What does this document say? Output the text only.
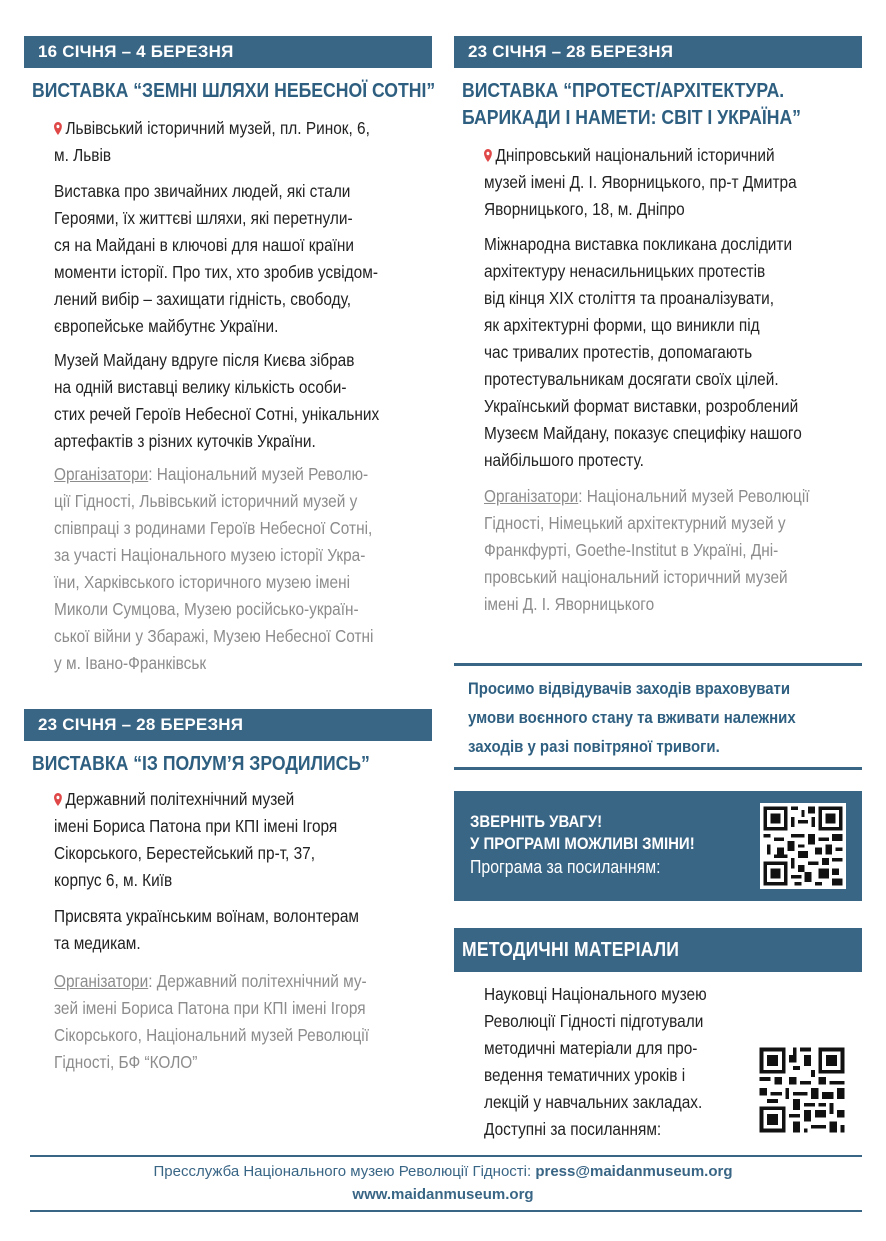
16 СІЧНЯ – 4 БЕРЕЗНЯ
ВИСТАВКА “ЗЕМНІ ШЛЯХИ НЕБЕСНОЇ СОТНІ”

Львівський історичний музей, пл. Ринок, 6,

м. Львів

Виставка про звичайних людей, які стали

Героями, їх життєві шляхи, які перетнули-

ся на Майдані в ключові для нашої країни

моменти історії. Про тих, хто зробив усвідом-

лений вибір – захищати гідність, свободу,

європейське майбутнє України.

Музей Майдану вдруге після Києва зібрав

на одній виставці велику кількість особи-

стих речей Героїв Небесної Сотні, унікальних

артефактів з різних куточків України.

Організатори: Національний музей Револю-

ції Гідності, Львівський історичний музей у

співпраці з родинами Героїв Небесної Сотні,

за участі Національного музею історії Укра-

їни, Харківського історичного музею імені

Миколи Сумцова, Музею російсько-україн-

ської війни у Збаражі, Музею Небесної Сотні

у м. Івано-Франківськ

23 СІЧНЯ – 28 БЕРЕЗНЯ
ВИСТАВКА “ІЗ ПОЛУМ’Я ЗРОДИЛИСЬ”

Державний політехнічний музей

імені Бориса Патона при КПІ імені Ігоря

Сікорського, Берестейський пр-т, 37,

корпус 6, м. Київ

Присвята українським воїнам, волонтерам

та медикам.

Організатори: Державний політехнічний му-

зей імені Бориса Патона при КПІ імені Ігоря

Сікорського, Національний музей Революції

Гідності, БФ “КОЛО”

23 СІЧНЯ – 28 БЕРЕЗНЯ
ВИСТАВКА “ПРОТЕСТ/АРХІТЕКТУРА.
БАРИКАДИ І НАМЕТИ: СВІТ І УКРАЇНА”

Дніпровський національний історичний

музей імені Д. І. Яворницького, пр-т Дмитра

Яворницького, 18, м. Дніпро

Міжнародна виставка покликана дослідити

архітектуру ненасильницьких протестів

від кінця ХІХ століття та проаналізувати,

як архітектурні форми, що виникли під

час тривалих протестів, допомагають

протестувальникам досягати своїх цілей.

Український формат виставки, розроблений

Музеєм Майдану, показує специфіку нашого

найбільшого протесту.

Організатори: Національний музей Революції

Гідності, Німецький архітектурний музей у

Франкфурті, Goethe-Institut в Україні, Дні-

провський національний історичний музей

імені Д. І. Яворницького

Просимо відвідувачів заходів враховувати
умови воєнного стану та вживати належних
заходів у разі повітряної тривоги.
ЗВЕРНІТЬ УВАГУ!
У ПРОГРАМІ МОЖЛИВІ ЗМІНИ!
Програма за посиланням:
МЕТОДИЧНІ МАТЕРІАЛИ

Науковці Національного музею

Революції Гідності підготували

методичні матеріали для про-

ведення тематичних уроків і

лекцій у навчальних закладах.

Доступні за посиланням:

Пресслужба Національного музею Революції Гідності: press@maidanmuseum.org
www.maidanmuseum.org
